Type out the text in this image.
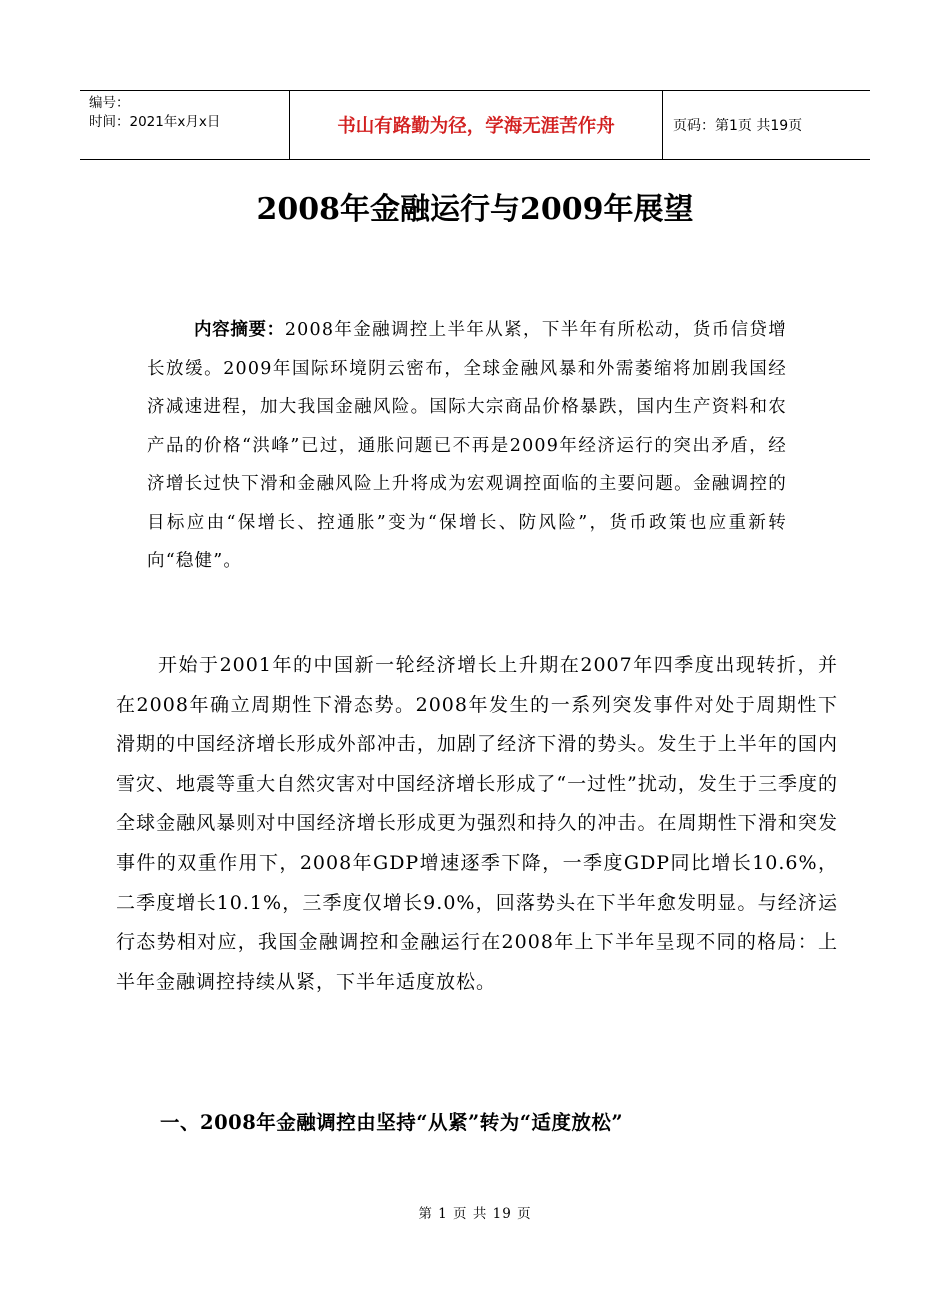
编号：
时间：2021年x月x日	书山有路勤为径，学海无涯苦作舟	页码：第1页 共19页
2008年金融运行与2009年展望
内容摘要：2008年金融调控上半年从紧，下半年有所松动，货币信贷增长放缓。2009年国际环境阴云密布，全球金融风暴和外需萎缩将加剧我国经济减速进程，加大我国金融风险。国际大宗商品价格暴跌，国内生产资料和农产品的价格“洪峰”已过，通胀问题已不再是2009年经济运行的突出矛盾，经济增长过快下滑和金融风险上升将成为宏观调控面临的主要问题。金融调控的目标应由“保增长、控通胀”变为“保增长、防风险”，货币政策也应重新转向“稳健”。
开始于2001年的中国新一轮经济增长上升期在2007年四季度出现转折，并在2008年确立周期性下滑态势。2008年发生的一系列突发事件对处于周期性下滑期的中国经济增长形成外部冲击，加剧了经济下滑的势头。发生于上半年的国内雪灾、地震等重大自然灾害对中国经济增长形成了“一过性”扰动，发生于三季度的全球金融风暴则对中国经济增长形成更为强烈和持久的冲击。在周期性下滑和突发事件的双重作用下，2008年GDP增速逐季下降，一季度GDP同比增长10.6%，二季度增长10.1%，三季度仅增长9.0%，回落势头在下半年愈发明显。与经济运行态势相对应，我国金融调控和金融运行在2008年上下半年呈现不同的格局：上半年金融调控持续从紧，下半年适度放松。
一、2008年金融调控由坚持“从紧”转为“适度放松”
第 1 页 共 19 页
